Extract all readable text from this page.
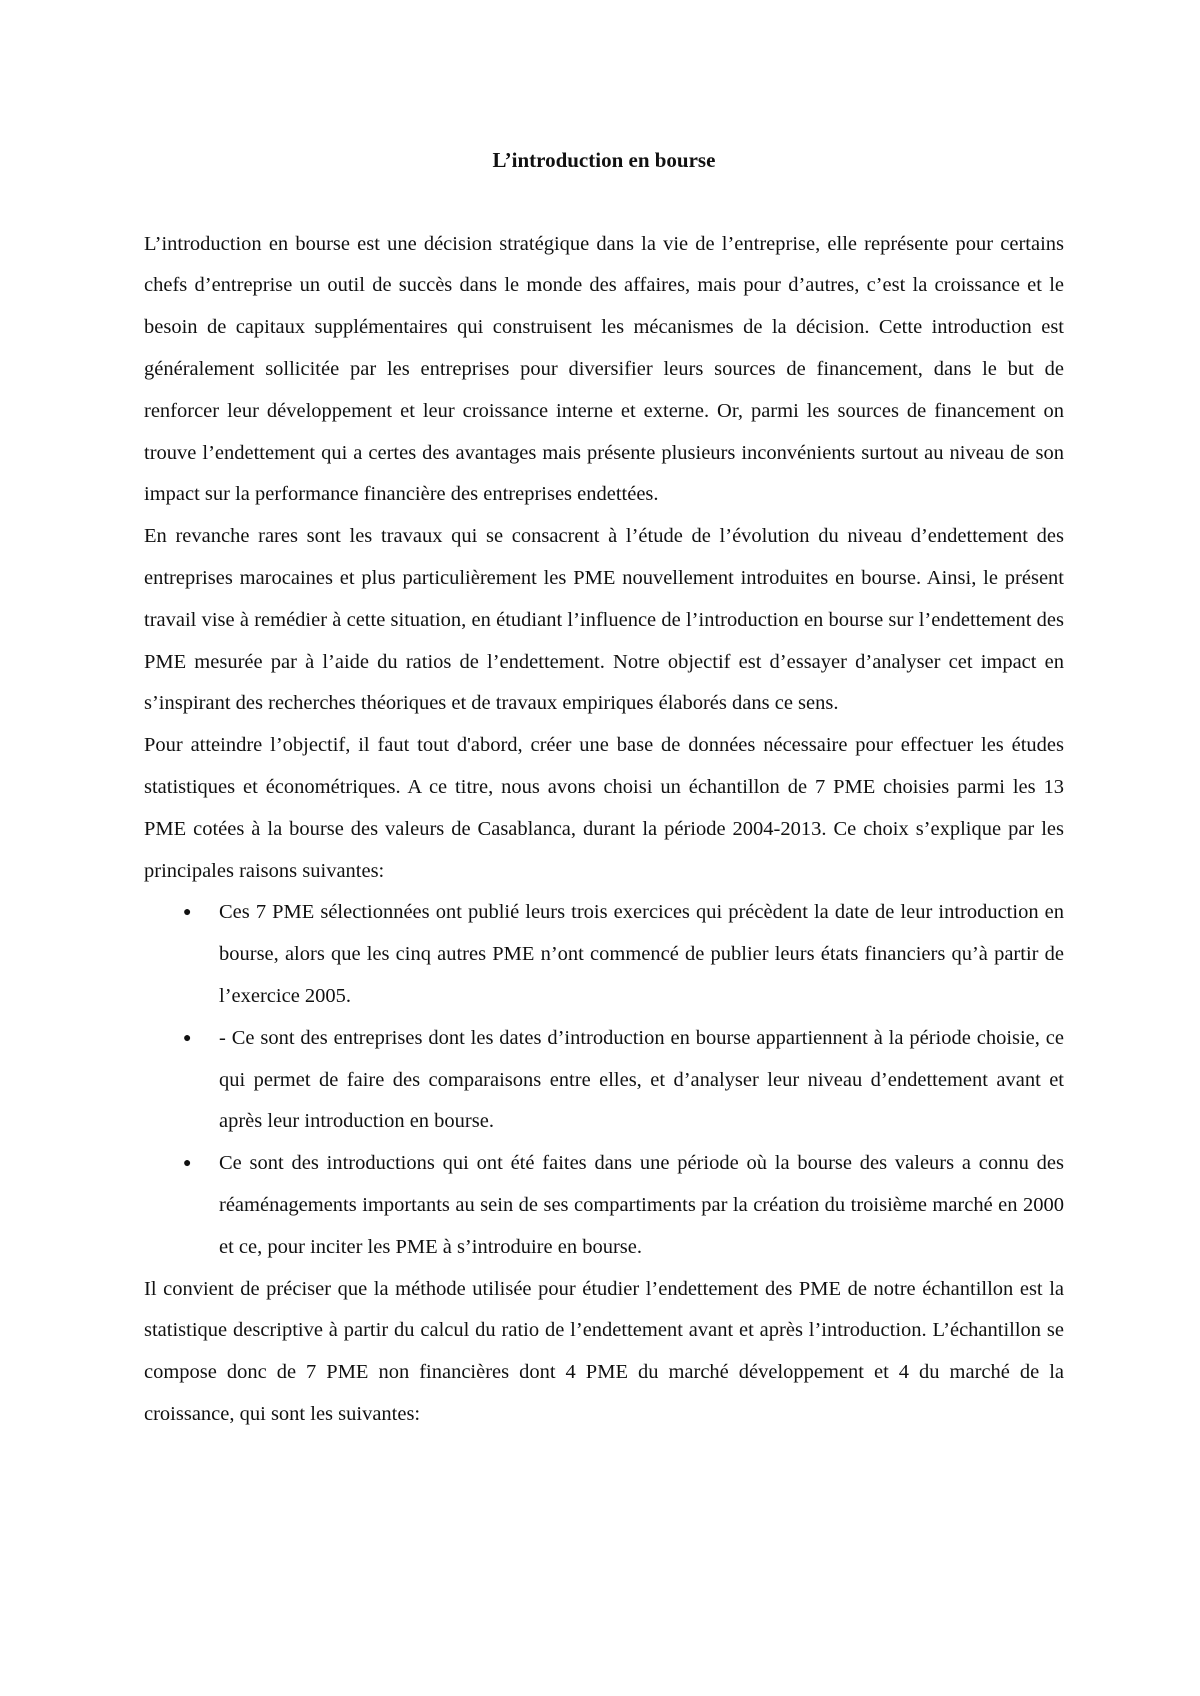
L’introduction en bourse

L’introduction en bourse est une décision stratégique dans la vie de l’entreprise, elle représente pour certains chefs d’entreprise un outil de succès dans le monde des affaires, mais pour d’autres, c’est la croissance et le besoin de capitaux supplémentaires qui construisent les mécanismes de la décision. Cette introduction est généralement sollicitée par les entreprises pour diversifier leurs sources de financement, dans le but de renforcer leur développement et leur croissance interne et externe. Or, parmi les sources de financement on trouve l’endettement qui a certes des avantages mais présente plusieurs inconvénients surtout au niveau de son impact sur la performance financière des entreprises endettées.

En revanche rares sont les travaux qui se consacrent à l’étude de l’évolution du niveau d’endettement des entreprises marocaines et plus particulièrement les PME nouvellement introduites en bourse. Ainsi, le présent travail vise à remédier à cette situation, en étudiant l’influence de l’introduction en bourse sur l’endettement des PME mesurée par à l’aide du ratios de l’endettement. Notre objectif est d’essayer d’analyser cet impact en s’inspirant des recherches théoriques et de travaux empiriques élaborés dans ce sens.

Pour atteindre l’objectif, il faut tout d'abord, créer une base de données nécessaire pour effectuer les études statistiques et économétriques. A ce titre, nous avons choisi un échantillon de 7 PME choisies parmi les 13 PME cotées à la bourse des valeurs de Casablanca, durant la période 2004-2013. Ce choix s’explique par les principales raisons suivantes:

● Ces 7 PME sélectionnées ont publié leurs trois exercices qui précèdent la date de leur introduction en bourse, alors que les cinq autres PME n’ont commencé de publier leurs états financiers qu’à partir de l’exercice 2005.
● - Ce sont des entreprises dont les dates d’introduction en bourse appartiennent à la période choisie, ce qui permet de faire des comparaisons entre elles, et d’analyser leur niveau d’endettement avant et après leur introduction en bourse.
● Ce sont des introductions qui ont été faites dans une période où la bourse des valeurs a connu des réaménagements importants au sein de ses compartiments par la création du troisième marché en 2000 et ce, pour inciter les PME à s’introduire en bourse.

Il convient de préciser que la méthode utilisée pour étudier l’endettement des PME de notre échantillon est la statistique descriptive à partir du calcul du ratio de l’endettement avant et après l’introduction. L’échantillon se compose donc de 7 PME non financières dont 4 PME du marché développement et 4 du marché de la croissance, qui sont les suivantes:
